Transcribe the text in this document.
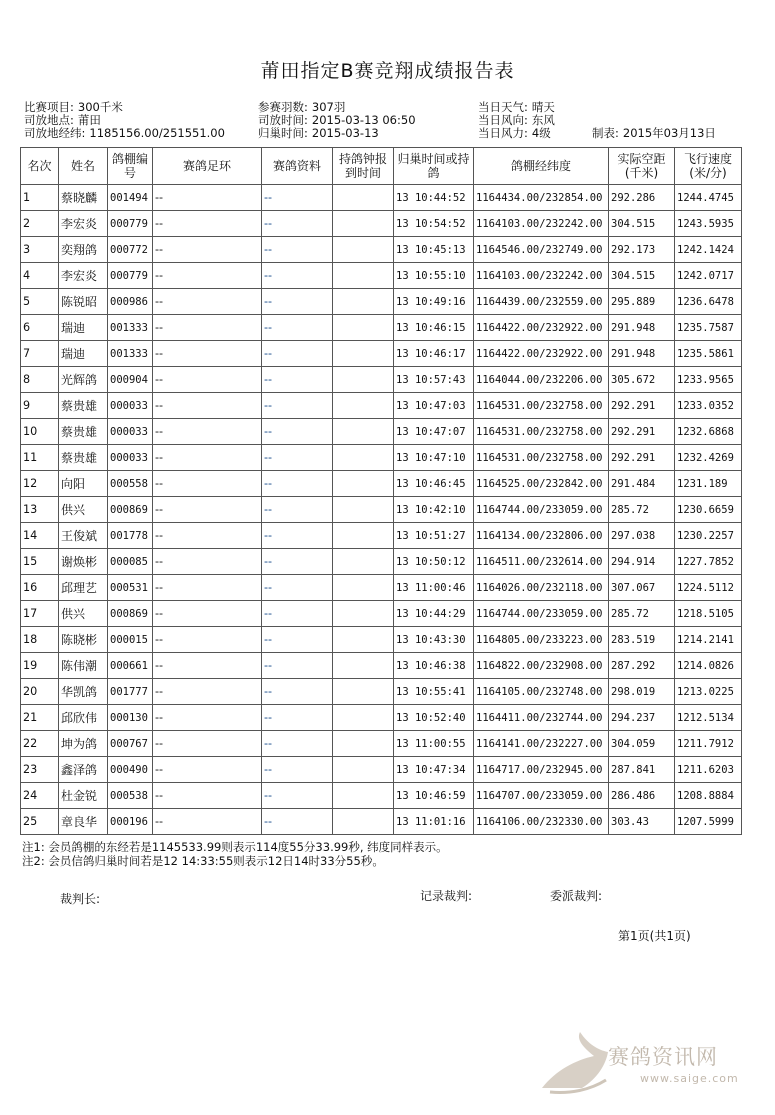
莆田指定B赛竞翔成绩报告表
比赛项目: 300千米
司放地点: 莆田
司放地经纬: 1185156.00/251551.00
参赛羽数: 307羽
司放时间: 2015-03-13 06:50
归巢时间: 2015-03-13
当日天气: 晴天
当日风向: 东风
当日风力: 4级	制表: 2015年03月13日
名次	姓名	鸽棚编号	赛鸽足环	赛鸽资料	持鸽钟报到时间	归巢时间或持鸽	鸽棚经纬度	实际空距(千米)	飞行速度(米/分)
1	蔡晓麟	001494	--	--		13 10:44:52	1164434.00/232854.00	292.286	1244.4745
2	李宏炎	000779	--	--		13 10:54:52	1164103.00/232242.00	304.515	1243.5935
3	奕翔鸽	000772	--	--		13 10:45:13	1164546.00/232749.00	292.173	1242.1424
4	李宏炎	000779	--	--		13 10:55:10	1164103.00/232242.00	304.515	1242.0717
5	陈锐昭	000986	--	--		13 10:49:16	1164439.00/232559.00	295.889	1236.6478
6	瑞迪	001333	--	--		13 10:46:15	1164422.00/232922.00	291.948	1235.7587
7	瑞迪	001333	--	--		13 10:46:17	1164422.00/232922.00	291.948	1235.5861
8	光辉鸽	000904	--	--		13 10:57:43	1164044.00/232206.00	305.672	1233.9565
9	蔡贵雄	000033	--	--		13 10:47:03	1164531.00/232758.00	292.291	1233.0352
10	蔡贵雄	000033	--	--		13 10:47:07	1164531.00/232758.00	292.291	1232.6868
11	蔡贵雄	000033	--	--		13 10:47:10	1164531.00/232758.00	292.291	1232.4269
12	向阳	000558	--	--		13 10:46:45	1164525.00/232842.00	291.484	1231.189
13	供兴	000869	--	--		13 10:42:10	1164744.00/233059.00	285.72	1230.6659
14	王俊斌	001778	--	--		13 10:51:27	1164134.00/232806.00	297.038	1230.2257
15	谢焕彬	000085	--	--		13 10:50:12	1164511.00/232614.00	294.914	1227.7852
16	邱理艺	000531	--	--		13 11:00:46	1164026.00/232118.00	307.067	1224.5112
17	供兴	000869	--	--		13 10:44:29	1164744.00/233059.00	285.72	1218.5105
18	陈晓彬	000015	--	--		13 10:43:30	1164805.00/233223.00	283.519	1214.2141
19	陈伟潮	000661	--	--		13 10:46:38	1164822.00/232908.00	287.292	1214.0826
20	华凯鸽	001777	--	--		13 10:55:41	1164105.00/232748.00	298.019	1213.0225
21	邱欣伟	000130	--	--		13 10:52:40	1164411.00/232744.00	294.237	1212.5134
22	坤为鸽	000767	--	--		13 11:00:55	1164141.00/232227.00	304.059	1211.7912
23	鑫泽鸽	000490	--	--		13 10:47:34	1164717.00/232945.00	287.841	1211.6203
24	杜金锐	000538	--	--		13 10:46:59	1164707.00/233059.00	286.486	1208.8884
25	章良华	000196	--	--		13 11:01:16	1164106.00/232330.00	303.43	1207.5999
注1: 会员鸽棚的东经若是1145533.99则表示114度55分33.99秒, 纬度同样表示。
注2: 会员信鸽归巢时间若是12 14:33:55则表示12日14时33分55秒。
裁判长:	记录裁判:	委派裁判:
第1页(共1页)
赛鸽资讯网
www.saige.com
